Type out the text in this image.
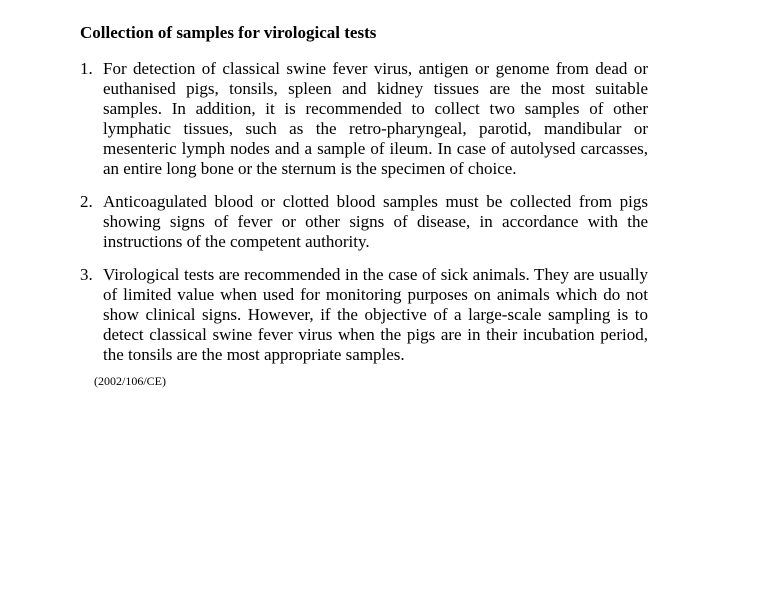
Collection of samples for virological tests
1. For detection of classical swine fever virus, antigen or genome from dead or euthanised pigs, tonsils, spleen and kidney tissues are the most suitable samples. In addition, it is recommended to collect two samples of other lymphatic tissues, such as the retro-pharyngeal, parotid, mandibular or mesenteric lymph nodes and a sample of ileum. In case of autolysed carcasses, an entire long bone or the sternum is the specimen of choice.
2. Anticoagulated blood or clotted blood samples must be collected from pigs showing signs of fever or other signs of disease, in accordance with the instructions of the competent authority.
3. Virological tests are recommended in the case of sick animals. They are usually of limited value when used for monitoring purposes on animals which do not show clinical signs. However, if the objective of a large-scale sampling is to detect classical swine fever virus when the pigs are in their incubation period, the tonsils are the most appropriate samples.
(2002/106/CE)
